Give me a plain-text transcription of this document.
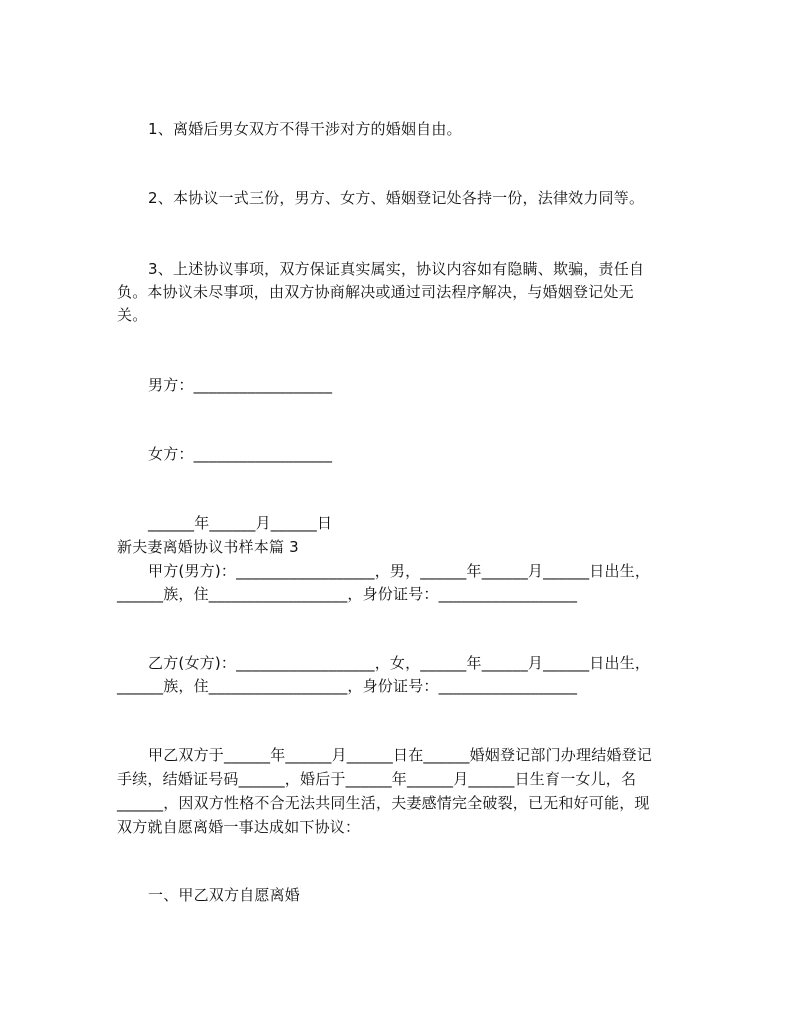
1、离婚后男女双方不得干涉对方的婚姻自由。
2、本协议一式三份，男方、女方、婚姻登记处各持一份，法律效力同等。
3、上述协议事项，双方保证真实属实，协议内容如有隐瞒、欺骗，责任自
负。本协议未尽事项，由双方协商解决或通过司法程序解决，与婚姻登记处无
关。
男方：__________________
女方：__________________
______年______月______日
新夫妻离婚协议书样本篇 3
甲方(男方)：__________________，男，______年______月______日出生，
______族，住__________________，身份证号：__________________
乙方(女方)：__________________，女，______年______月______日出生，
______族，住__________________，身份证号：__________________
甲乙双方于______年______月______日在______婚姻登记部门办理结婚登记
手续，结婚证号码______，婚后于______年______月______日生育一女儿，名
______，因双方性格不合无法共同生活，夫妻感情完全破裂，已无和好可能，现
双方就自愿离婚一事达成如下协议：
一、甲乙双方自愿离婚
